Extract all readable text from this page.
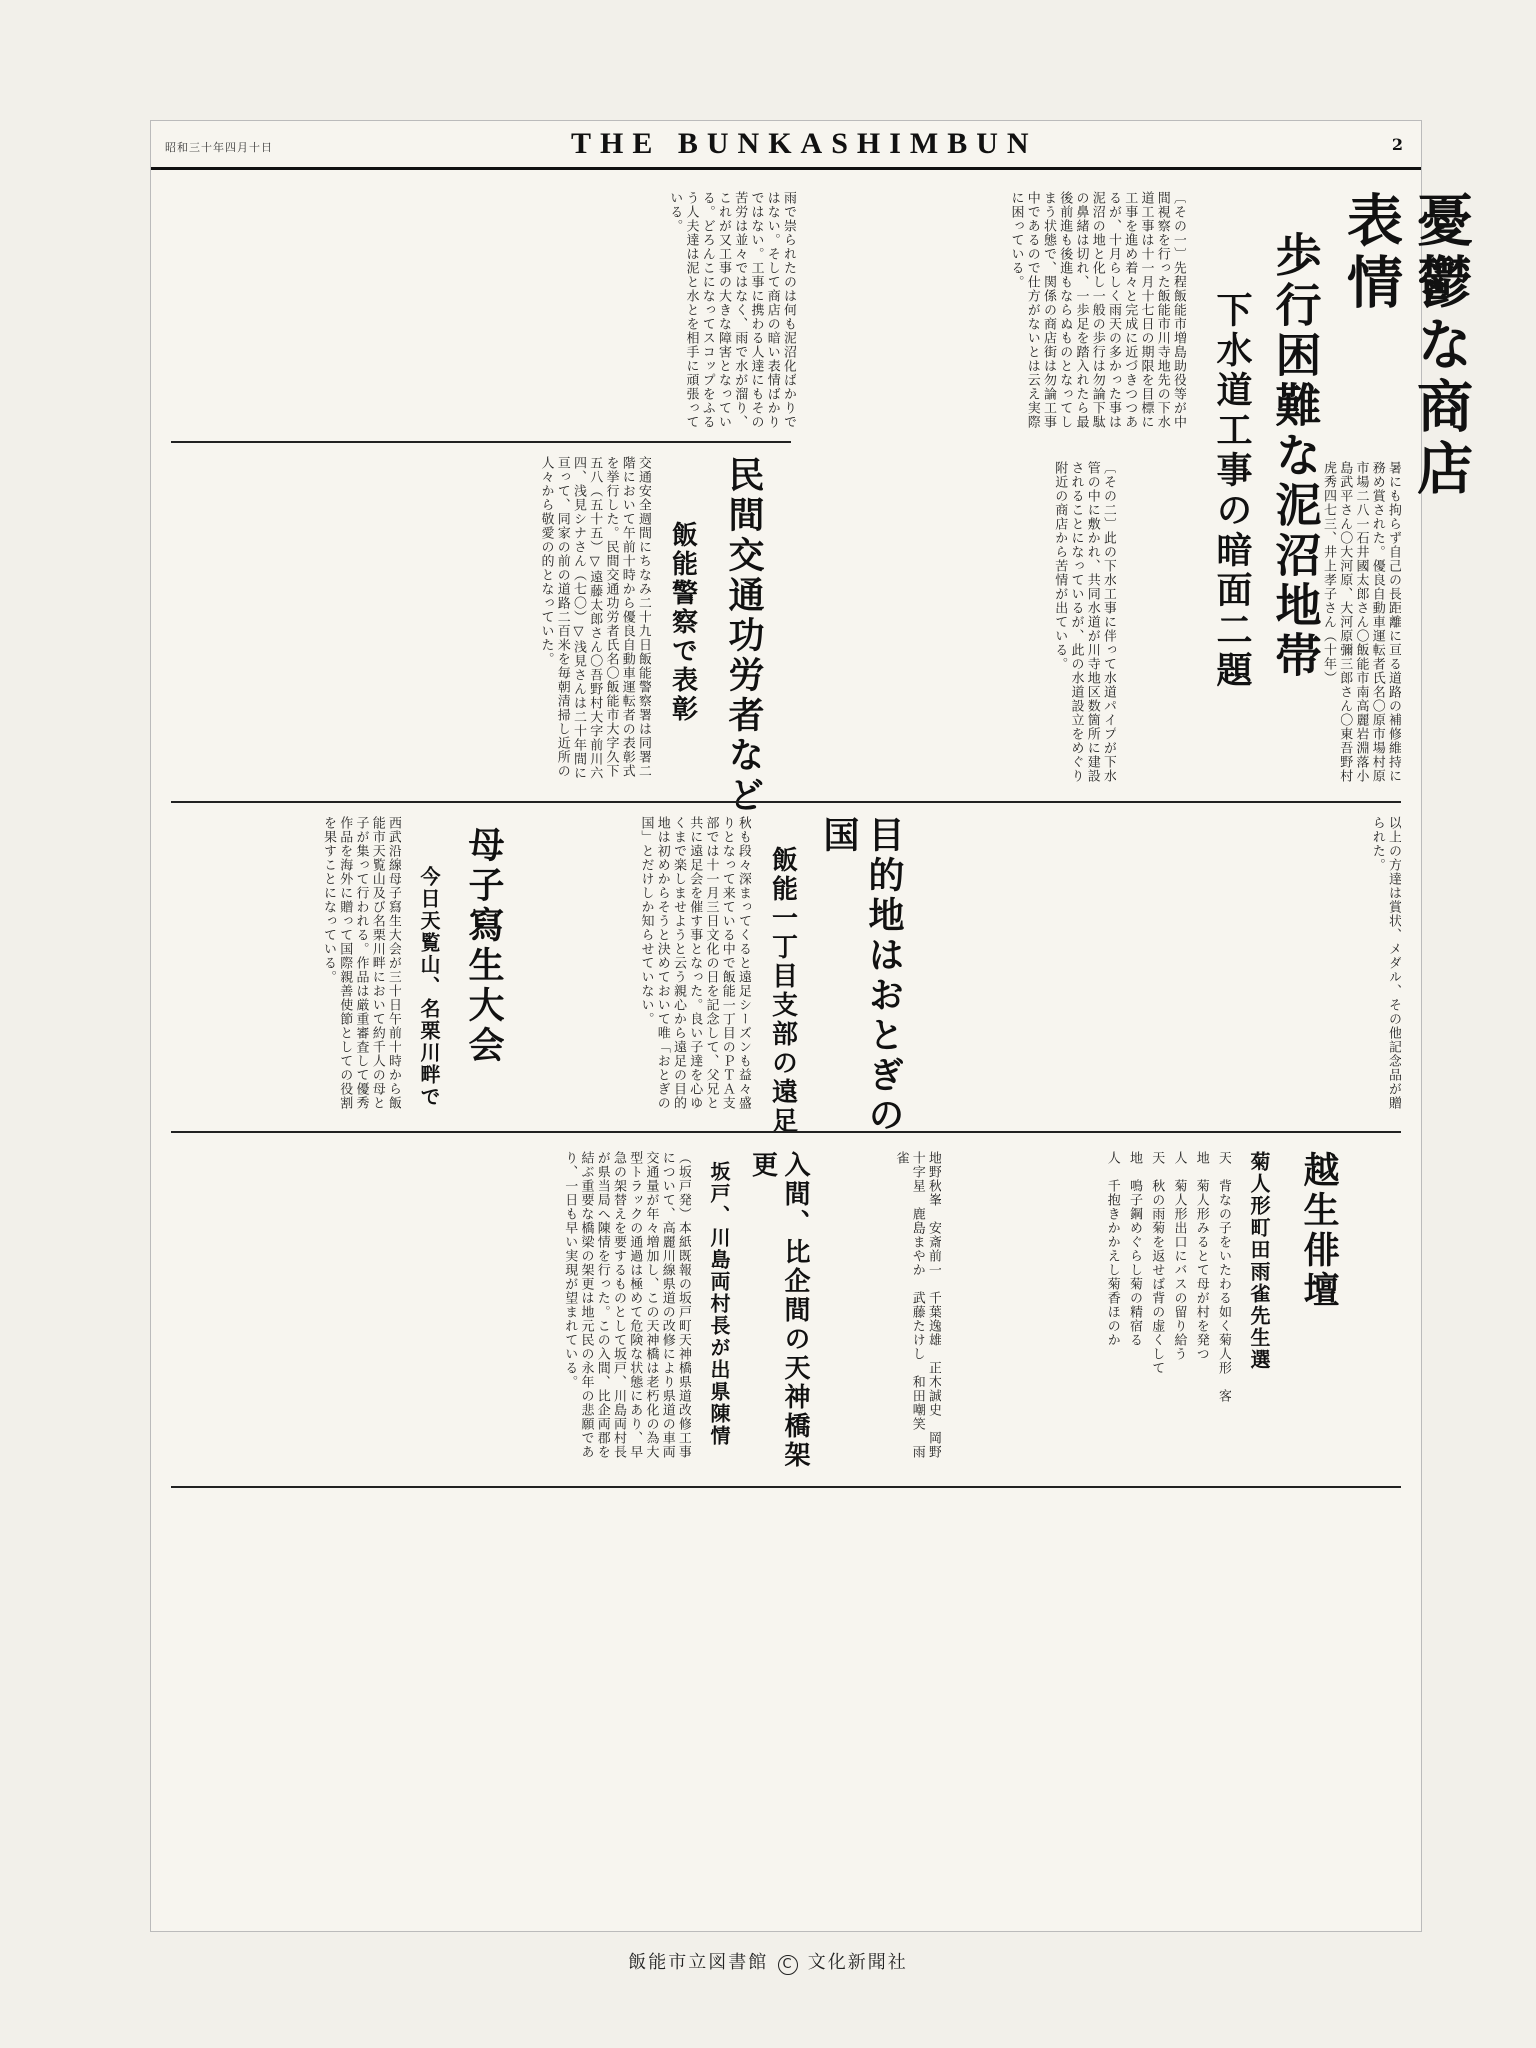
昭和三十年四月十日	THE BUNKASHIMBUN	2
憂鬱な商店表情
歩行困難な泥沼地帯
下水道工事の暗面二題

〔その一〕先程飯能市増島助役等が中間視察を行った飯能市川寺地先の下水道工事は十一月十七日の期限を目標に工事を進め着々と完成に近づきつつあるが、十月らしく雨天の多かった事は泥沼の地と化し一般の歩行は勿論下駄の鼻緒は切れ、一歩足を踏入れたら最後前進も後進もならぬものとなってしまう状態で、関係の商店街は勿論工事中であるので仕方がないとは云え実際に困っている。

雨で崇られたのは何も泥沼化ばかりではない。そして商店の暗い表情ばかりではない。工事に携わる人達にもその苦労は並々ではなく、雨で水が溜り、これが又工事の大きな障害となっている。どろんこになってスコップをふるう人夫達は泥と水とを相手に頑張っている。

〔その二〕此の下水工事に伴って水道パイプが下水管の中に敷かれ、共同水道が川寺地区数箇所に建設されることになっているが、此の水道設立をめぐり附近の商店から苦情が出ている。

民間交通功労者など
飯能警察で表彰

交通安全週間にちなみ二十九日飯能警察署は同署二階において午前十時から優良自動車運転者の表彰式を挙行した。民間交通功労者氏名〇飯能市大字久下五八（五十五）▽遠藤太郎さん〇吾野村大字前川六四、浅見シナさん（七〇）▽浅見さんは二十年間に亘って、同家の前の道路二百米を毎朝清掃し近所の人々から敬愛の的となっていた。	暑にも拘らず自己の長距離に亘る道路の補修維持に務め賞された。優良自動車運転者氏名〇原市場村原市場二八一石井國太郎さん〇飯能市南高麗岩淵落小島武平さん〇大河原、大河原彌三郎さん〇東吾野村虎秀四七三、井上孝子さん（十年）

以上の方達は賞状、メダル、その他記念品が贈られた。

目的地はおとぎの国
飯能一丁目支部の遠足

秋も段々深まってくると遠足シーズンも益々盛りとなって来ている中で飯能一丁目のＰＴＡ支部では十一月三日文化の日を記念して、父兄と共に遠足会を催す事となった。良い子達を心ゆくまで楽しませようと云う親心から遠足の目的地は初めからそうと決めておいて唯「おとぎの国」とだけしか知らせていない。

母子寫生大会
今日天覧山、名栗川畔で

西武沿線母子寫生大会が三十日午前十時から飯能市天覧山及び名栗川畔において約千人の母と子が集って行われる。作品は厳重審査して優秀作品を海外に贈って国際親善使節としての役割を果すことになっている。

越生俳壇
菊人形町田雨雀先生選

天　背なの子をいたわる如く菊人形　客

地　菊人形みるとて母が村を発つ

人　菊人形出口にバスの留り給う

天　秋の雨菊を返せば背の虚くして

地　鳴子鋼めぐらし菊の精宿る

人　千抱きかかえし菊香ほのか

地野秋峯　安斎前一　千葉逸雄　正木誠史　岡野十字星　鹿島まやか　武藤たけし　和田嘲笑　雨雀

入間、比企間の天神橋架更
坂戸、川島両村長が出県陳情

（坂戸発）本紙既報の坂戸町天神橋県道改修工事について、高麗川線県道の改修により県道の車両交通量が年々増加し、この天神橋は老朽化の為大型トラックの通過は極めて危険な状態にあり、早急の架替えを要するものとして坂戸、川島両村長が県当局へ陳情を行った。この入間、比企両郡を結ぶ重要な橋梁の架更は地元民の永年の悲願であり、一日も早い実現が望まれている。

飯能市立図書館 C 文化新聞社
